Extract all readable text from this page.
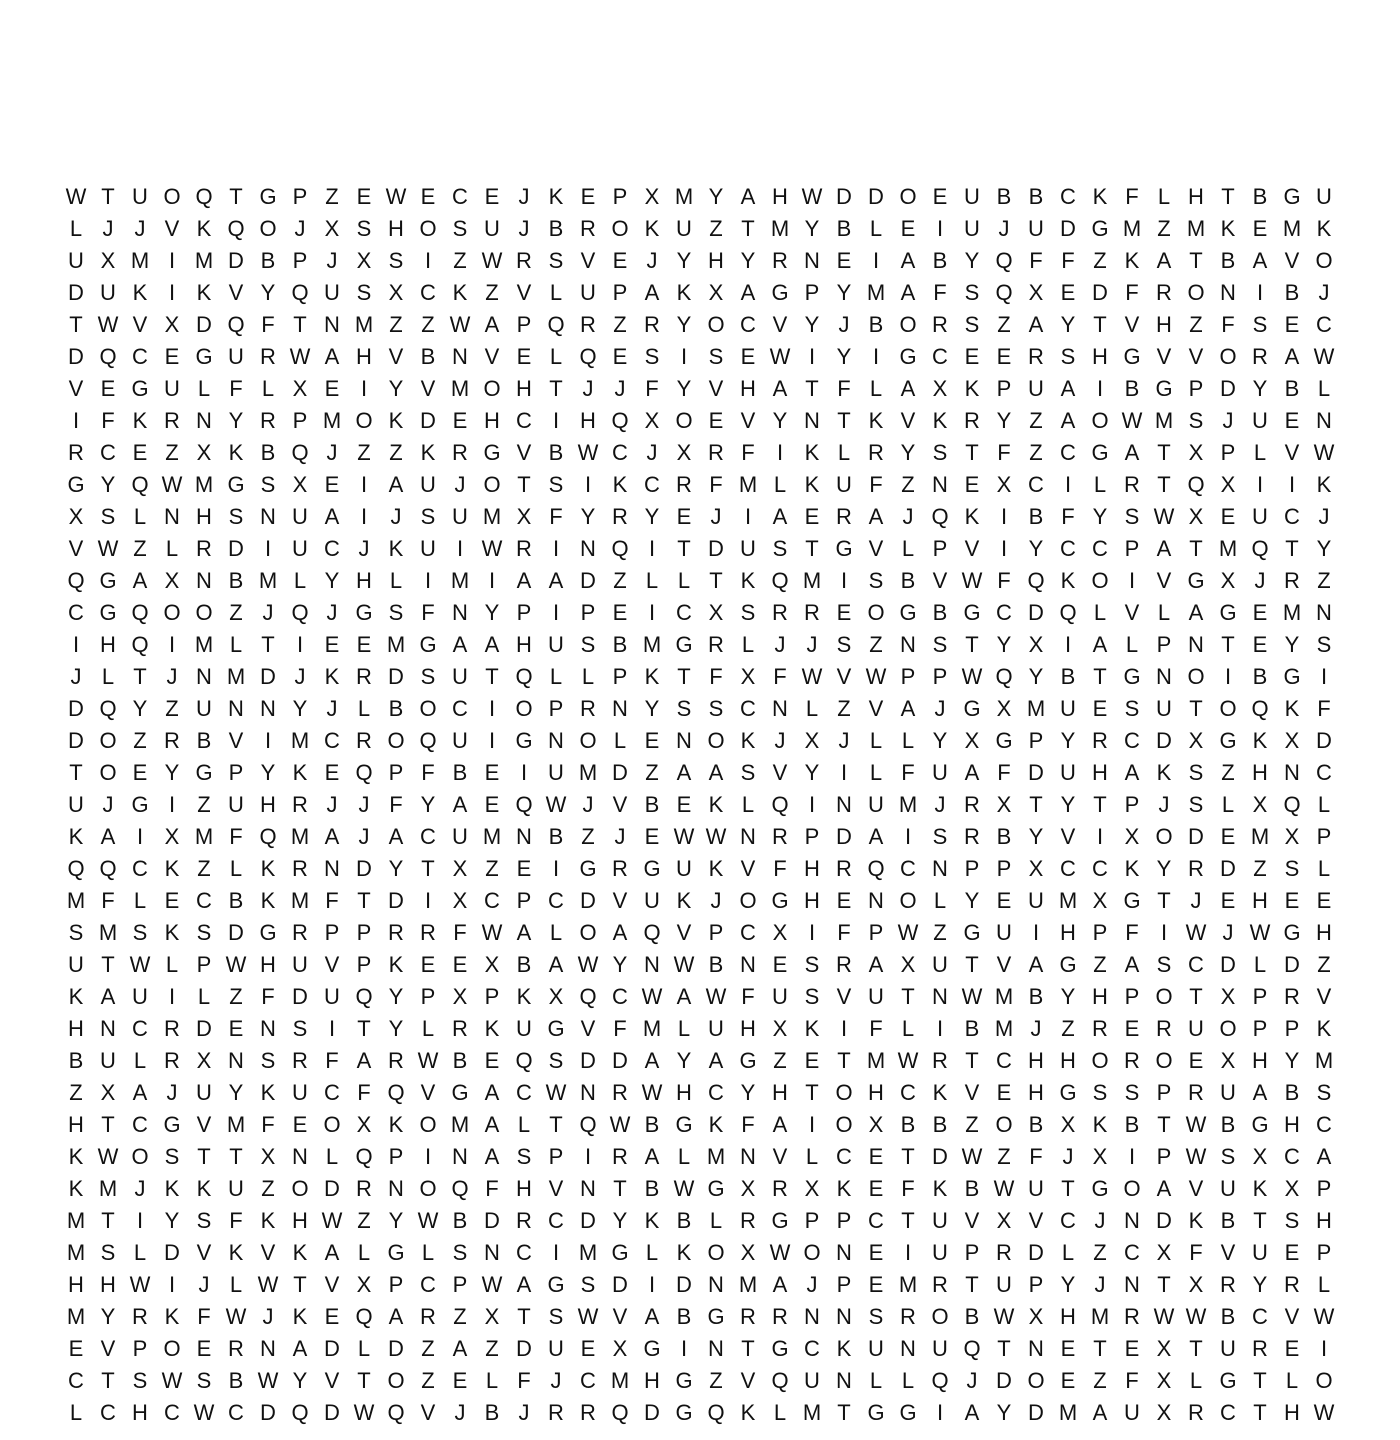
W T U O Q T G P Z E W E C E J K E P X M Y A H W D D O E U B B C K F L H T B G U
L J J V K Q O J X S H O S U J B R O K U Z T M Y B L E I U J U D G M Z M K E M K
U X M I M D B P J X S I	Z W R S V E J Y H Y R N E I A B Y Q F F Z K A T B A V O
D U K I K V Y Q U S X C K Z V L U P A K X A G P Y M A F S Q X E D F R O N I B J
T W V X D Q F T N M Z Z W A P Q R Z R Y O C V Y J B O R S Z A Y T V H Z F S E C
D Q C E G U R W A H V B N V E L Q E S I S E W I Y I G C E E R S H G V V O R A W
V E G U L F L X E I Y V M O H T J J F Y V H A T F L A X K P U A I B G P D Y B L
I	F K R N Y R P M O K D E H C I H Q X O E V Y N T K V K R Y Z A O W M S J U E N
R C E Z X K B Q J Z Z K R G V B W C J X R F	I K L R Y S T F Z C G A T X P L V W
G Y Q W M G S X E I A U J O T S I K C R F M L K U F Z N E X C I	L R T Q X I	I K
X S L N H S N U A I	J S U M X F Y R Y E J	I A E R A J Q K I B F Y S W X E U C J
V W Z L R D I U C J K U I W R I N Q I	T D U S T G V L P V I Y C C P A T M Q T Y
Q G A X N B M L Y H L	I M I A A D Z L L T K Q M I S B V W F Q K O I V G X J R Z
C G Q O O Z J Q J G S F N Y P I P E I C X S R R E O G B G C D Q L V L A G E M N
I H Q I M L T	I E E M G A A H U S B M G R L J J S Z N S T Y X I A L P N T E Y S
J L T J N M D J K R D S U T Q L L P K T F X F W V W P P W Q Y B T G N O I B G I
D Q Y Z U N N Y J L B O C I O P R N Y S S C N L Z V A J G X M U E S U T O Q K F
D O Z R B V I M C R O Q U I G N O L E N O K J X J L L Y X G P Y R C D X G K X D
T O E Y G P Y K E Q P F B E I U M D Z A A S V Y I	L F U A F D U H A K S Z H N C
U J G I	Z U H R J J F Y A E Q W J V B E K L Q I N U M J R X T Y T P J S L X Q L
K A I X M F Q M A J A C U M N B Z J E W W N R P D A I S R B Y V I X O D E M X P
Q Q C K Z L K R N D Y T X Z E I G R G U K V F H R Q C N P P X C C K Y R D Z S L
M F L E C B K M F T D I X C P C D V U K J O G H E N O L Y E U M X G T J E H E E
S M S K S D G R P P R R F W A L O A Q V P C X I	F P W Z G U I H P F	I W J W G H
U T W L P W H U V P K E E X B A W Y N W B N E S R A X U T V A G Z A S C D L D Z
K A U I	L Z F D U Q Y P X P K X Q C W A W F U S V U T N W M B Y H P O T X P R V
H N C R D E N S I	T Y L R K U G V F M L U H X K I	F L	I B M J Z R E R U O P P K
B U L R X N S R F A R W B E Q S D D A Y A G Z E T M W R T C H H O R O E X H Y M
Z X A J U Y K U C F Q V G A C W N R W H C Y H T O H C K V E H G S S P R U A B S
H T C G V M F E O X K O M A L T Q W B G K F A I O X B B Z O B X K B T W B G H C
K W O S T T X N L Q P I N A S P I R A L M N V L C E T D W Z F J X I P W S X C A
K M J K K U Z O D R N O Q F H V N T B W G X R X K E F K B W U T G O A V U K X P
M T	I Y S F K H W Z Y W B D R C D Y K B L R G P P C T U V X V C J N D K B T S H
M S L D V K V K A L G L S N C I M G L K O X W O N E I U P R D L Z C X F V U E P
H H W I	J L W T V X P C P W A G S D I D N M A J P E M R T U P Y J N T X R Y R L
M Y R K F W J K E Q A R Z X T S W V A B G R R N N S R O B W X H M R W W B C V W
E V P O E R N A D L D Z A Z D U E X G I N T G C K U N U Q T N E T E X T U R E I
C T S W S B W Y V T O Z E L F J C M H G Z V Q U N L L Q J D O E Z F X L G T L O
L C H C W C D Q D W Q V J B J R R Q D G Q K L M T G G I A Y D M A U X R C T H W
